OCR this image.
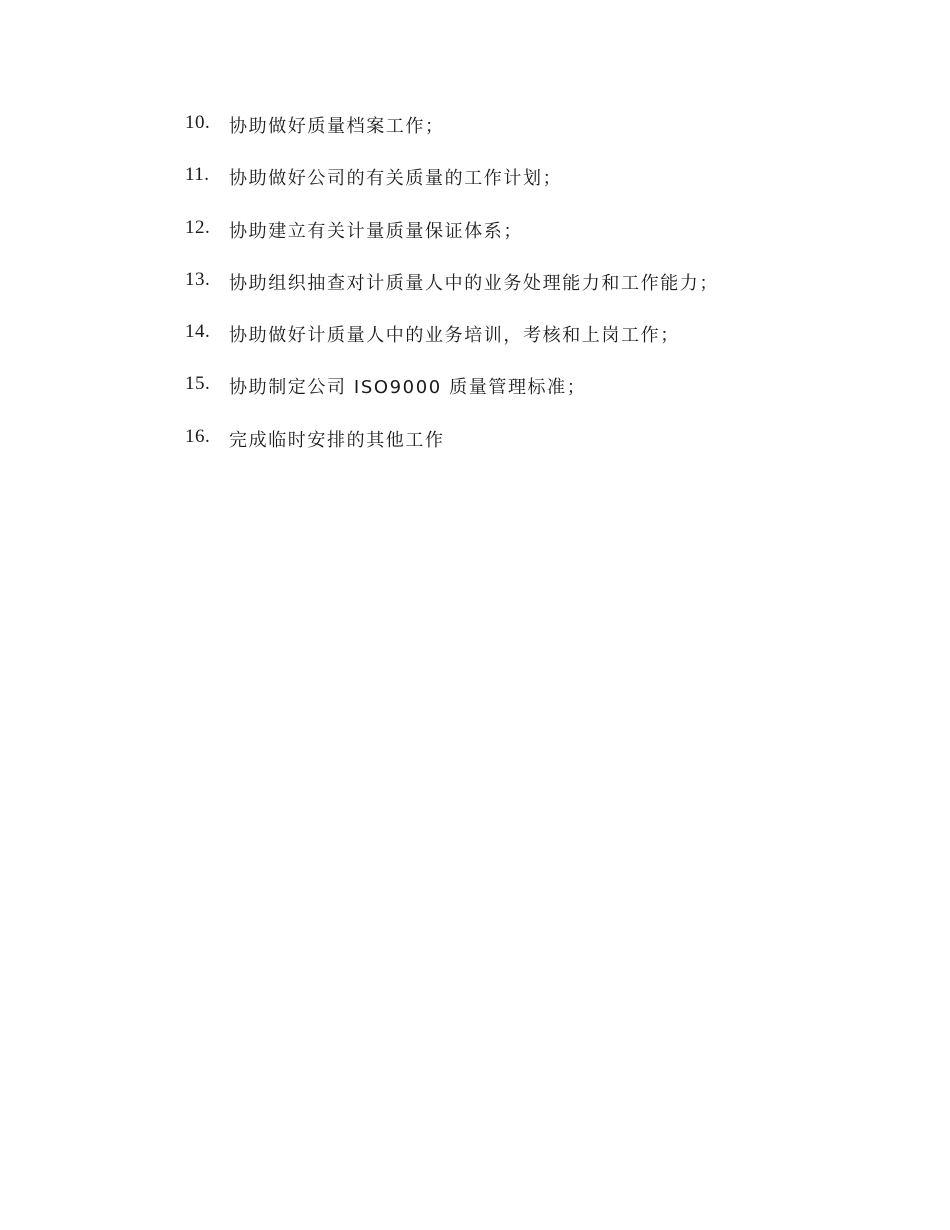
10.	协助做好质量档案工作；
11.	协助做好公司的有关质量的工作计划；
12.	协助建立有关计量质量保证体系；
13.	协助组织抽查对计质量人中的业务处理能力和工作能力；
14.	协助做好计质量人中的业务培训，考核和上岗工作；
15.	协助制定公司 ISO9000 质量管理标准；
16.	完成临时安排的其他工作
